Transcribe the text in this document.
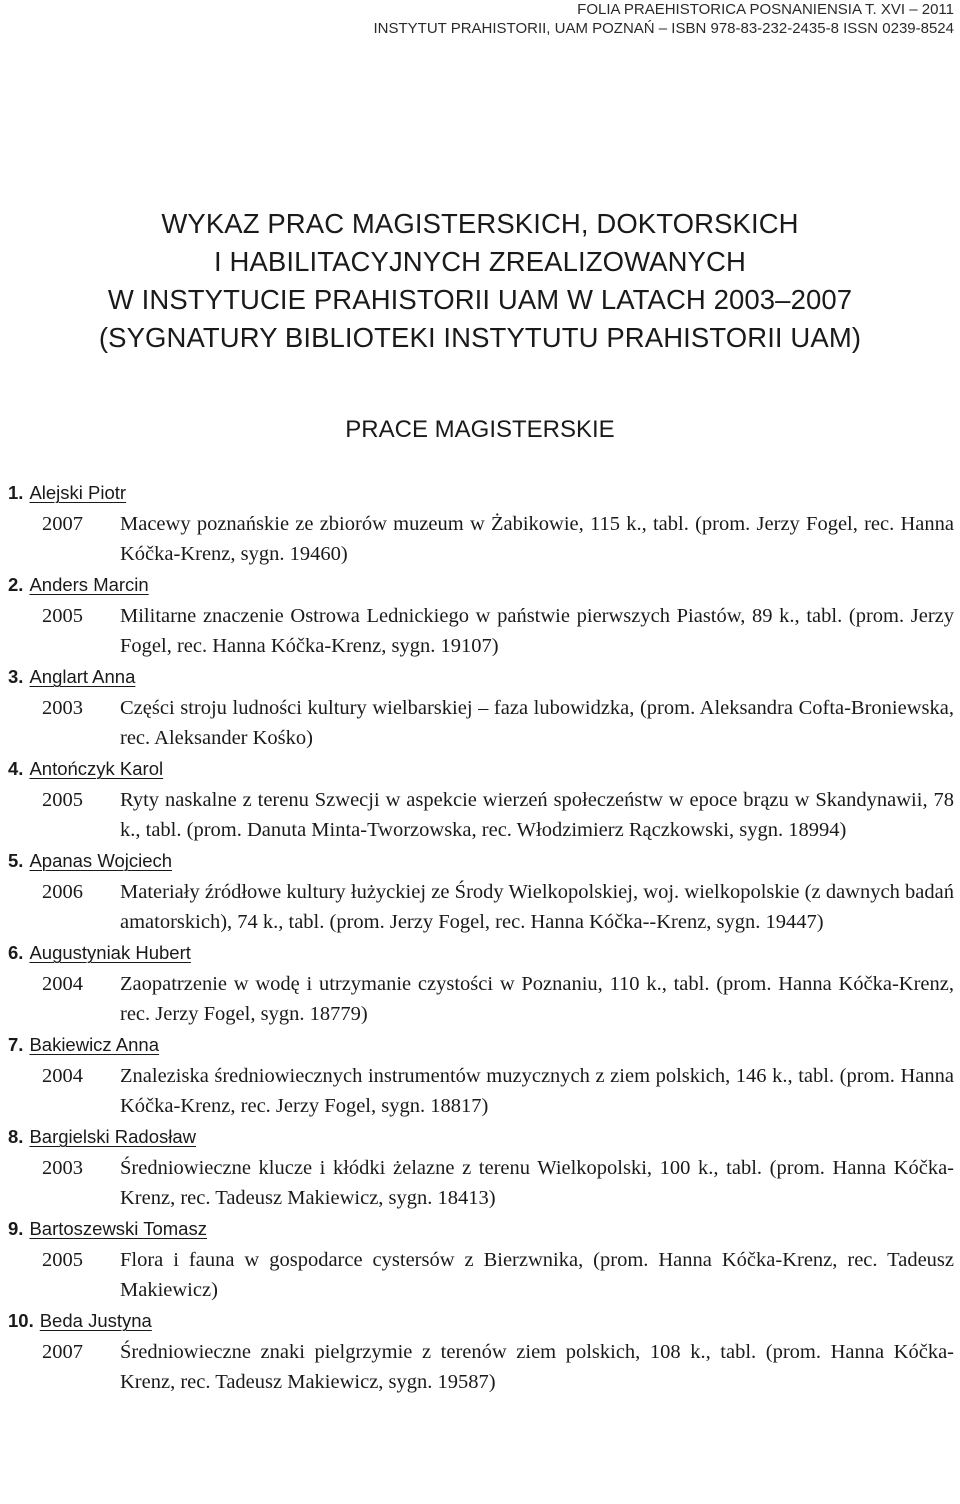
FOLIA PRAEHISTORICA POSNANIENSIA T. XVI – 2011
INSTYTUT PRAHISTORII, UAM POZNAŃ – ISBN 978-83-232-2435-8 ISSN 0239-8524
WYKAZ PRAC MAGISTERSKICH, DOKTORSKICH
I HABILITACYJNYCH ZREALIZOWANYCH
W INSTYTUCIE PRAHISTORII UAM W LATACH 2003–2007
(SYGNATURY BIBLIOTEKI INSTYTUTU PRAHISTORII UAM)
PRACE MAGISTERSKIE
1. Alejski Piotr
2007	Macewy poznańskie ze zbiorów muzeum w Żabikowie, 115 k., tabl. (prom. Jerzy Fogel, rec. Hanna Kóčka-Krenz, sygn. 19460)
2. Anders Marcin
2005	Militarne znaczenie Ostrowa Lednickiego w państwie pierwszych Piastów, 89 k., tabl. (prom. Jerzy Fogel, rec. Hanna Kóčka-Krenz, sygn. 19107)
3. Anglart Anna
2003	Części stroju ludności kultury wielbarskiej – faza lubowidzka, (prom. Aleksandra Cofta-Broniewska, rec. Aleksander Kośko)
4. Antończyk Karol
2005	Ryty naskalne z terenu Szwecji w aspekcie wierzeń społeczeństw w epoce brązu w Skandynawii, 78 k., tabl. (prom. Danuta Minta-Tworzowska, rec. Włodzimierz Rączkowski, sygn. 18994)
5. Apanas Wojciech
2006	Materiały źródłowe kultury łużyckiej ze Środy Wielkopolskiej, woj. wielkopolskie (z dawnych badań amatorskich), 74 k., tabl. (prom. Jerzy Fogel, rec. Hanna Kóčka-‑Krenz, sygn. 19447)
6. Augustyniak Hubert
2004	Zaopatrzenie w wodę i utrzymanie czystości w Poznaniu, 110 k., tabl. (prom. Hanna Kóčka-Krenz, rec. Jerzy Fogel, sygn. 18779)
7. Bakiewicz Anna
2004	Znaleziska średniowiecznych instrumentów muzycznych z ziem polskich, 146 k., tabl. (prom. Hanna Kóčka-Krenz, rec. Jerzy Fogel, sygn. 18817)
8. Bargielski Radosław
2003	Średniowieczne klucze i kłódki żelazne z terenu Wielkopolski, 100 k., tabl. (prom. Hanna Kóčka-Krenz, rec. Tadeusz Makiewicz, sygn. 18413)
9. Bartoszewski Tomasz
2005	Flora i fauna w gospodarce cystersów z Bierzwnika, (prom. Hanna Kóčka-Krenz, rec. Tadeusz Makiewicz)
10. Beda Justyna
2007	Średniowieczne znaki pielgrzymie z terenów ziem polskich, 108 k., tabl. (prom. Hanna Kóčka-Krenz, rec. Tadeusz Makiewicz, sygn. 19587)
